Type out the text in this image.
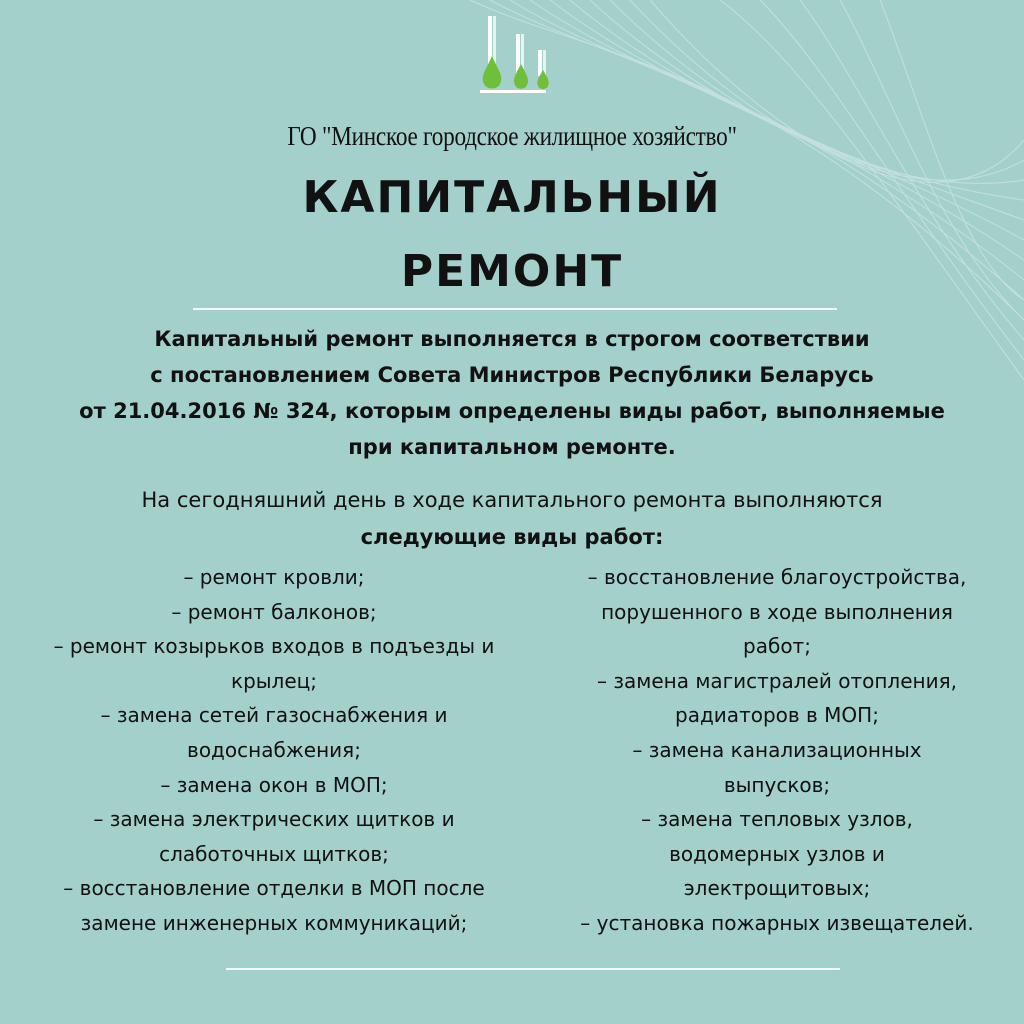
ГО "Минское городское жилищное хозяйство"
КАПИТАЛЬНЫЙ
РЕМОНТ
Капитальный ремонт выполняется в строгом соответствии
с постановлением Совета Министров Республики Беларусь
от 21.04.2016 № 324, которым определены виды работ, выполняемые
при капитальном ремонте.
На сегодняшний день в ходе капитального ремонта выполняются
следующие виды работ:
– ремонт кровли;
– ремонт балконов;
– ремонт козырьков входов в подъезды и
крылец;
– замена сетей газоснабжения и
водоснабжения;
– замена окон в МОП;
– замена электрических щитков и
слаботочных щитков;
– восстановление отделки в МОП после
замене инженерных коммуникаций;
– восстановление благоустройства,
порушенного в ходе выполнения
работ;
– замена магистралей отопления,
радиаторов в МОП;
– замена канализационных
выпусков;
– замена тепловых узлов,
водомерных узлов и
электрощитовых;
– установка пожарных извещателей.
